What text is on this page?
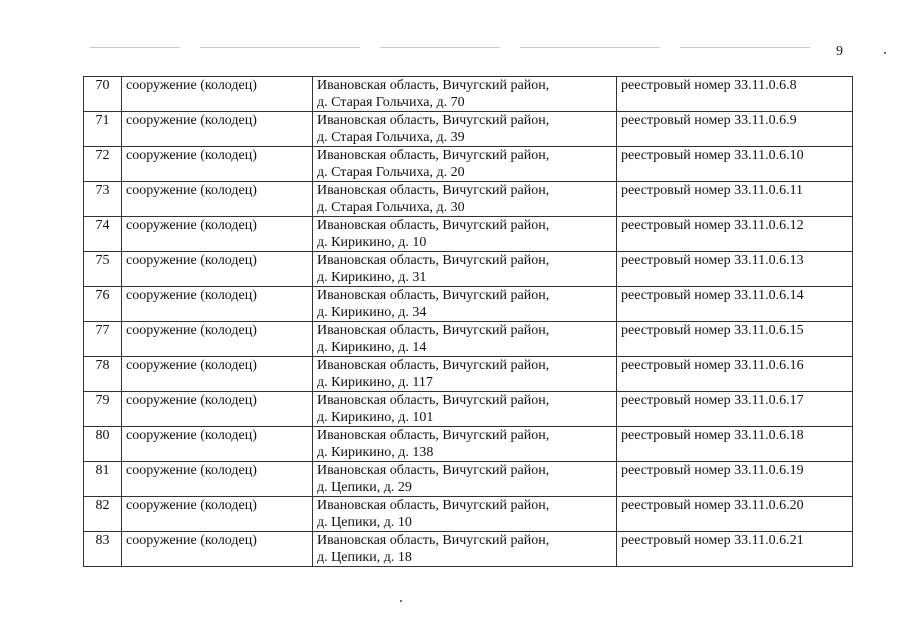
9
70	сооружение (колодец)	Ивановская область, Вичугский район,
д. Старая Гольчиха, д. 70	реестровый номер 33.11.0.6.8
71	сооружение (колодец)	Ивановская область, Вичугский район,
д. Старая Гольчиха, д. 39	реестровый номер 33.11.0.6.9
72	сооружение (колодец)	Ивановская область, Вичугский район,
д. Старая Гольчиха, д. 20	реестровый номер 33.11.0.6.10
73	сооружение (колодец)	Ивановская область, Вичугский район,
д. Старая Гольчиха, д. 30	реестровый номер 33.11.0.6.11
74	сооружение (колодец)	Ивановская область, Вичугский район,
д. Кирикино, д. 10	реестровый номер 33.11.0.6.12
75	сооружение (колодец)	Ивановская область, Вичугский район,
д. Кирикино, д. 31	реестровый номер 33.11.0.6.13
76	сооружение (колодец)	Ивановская область, Вичугский район,
д. Кирикино, д. 34	реестровый номер 33.11.0.6.14
77	сооружение (колодец)	Ивановская область, Вичугский район,
д. Кирикино, д. 14	реестровый номер 33.11.0.6.15
78	сооружение (колодец)	Ивановская область, Вичугский район,
д. Кирикино, д. 117	реестровый номер 33.11.0.6.16
79	сооружение (колодец)	Ивановская область, Вичугский район,
д. Кирикино, д. 101	реестровый номер 33.11.0.6.17
80	сооружение (колодец)	Ивановская область, Вичугский район,
д. Кирикино, д. 138	реестровый номер 33.11.0.6.18
81	сооружение (колодец)	Ивановская область, Вичугский район,
д. Цепики, д. 29	реестровый номер 33.11.0.6.19
82	сооружение (колодец)	Ивановская область, Вичугский район,
д. Цепики, д. 10	реестровый номер 33.11.0.6.20
83	сооружение (колодец)	Ивановская область, Вичугский район,
д. Цепики, д. 18	реестровый номер 33.11.0.6.21
